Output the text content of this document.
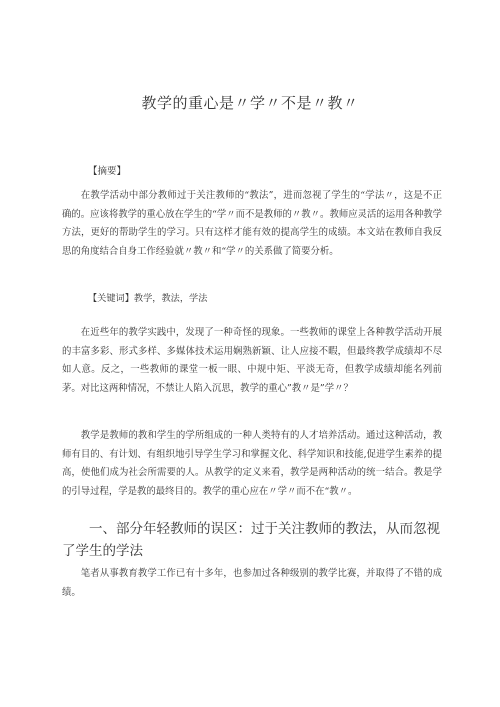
教学的重心是〃学〃不是〃教〃
【摘要】

在教学活动中部分教师过于关注教师的“教法”，进而忽视了学生的“学法〃，这是不正确的。应该将教学的重心放在学生的“学〃而不是教师的〃教〃。教师应灵活的运用各种教学方法，更好的帮助学生的学习。只有这样才能有效的提高学生的成绩。本文站在教师自我反思的角度结合自身工作经验就〃教〃和“学〃的关系做了简要分析。

【关键词】教学，教法，学法

在近些年的教学实践中，发现了一种奇怪的现象。一些教师的课堂上各种教学活动开展的丰富多彩、形式多样、多媒体技术运用娴熟新颖、让人应接不暇，但最终教学成绩却不尽如人意。反之，一些教师的课堂一板一眼、中规中矩、平淡无奇，但教学成绩却能名列前茅。对比这两种情况，不禁让人陷入沉思，教学的重心”教〃是”学〃？

教学是教师的教和学生的学所组成的一种人类特有的人才培养活动。通过这种活动，教师有目的、有计划、有组织地引导学生学习和掌握文化、科学知识和技能,促进学生素养的提高，使他们成为社会所需要的人。从教学的定义来看，教学是两种活动的统一结合。教是学的引导过程，学是教的最终目的。教学的重心应在〃学〃而不在“教〃。

一、部分年轻教师的误区：过于关注教师的教法，从而忽视了学生的学法

笔者从事教育教学工作已有十多年，也参加过各种级别的教学比赛，并取得了不错的成绩。
